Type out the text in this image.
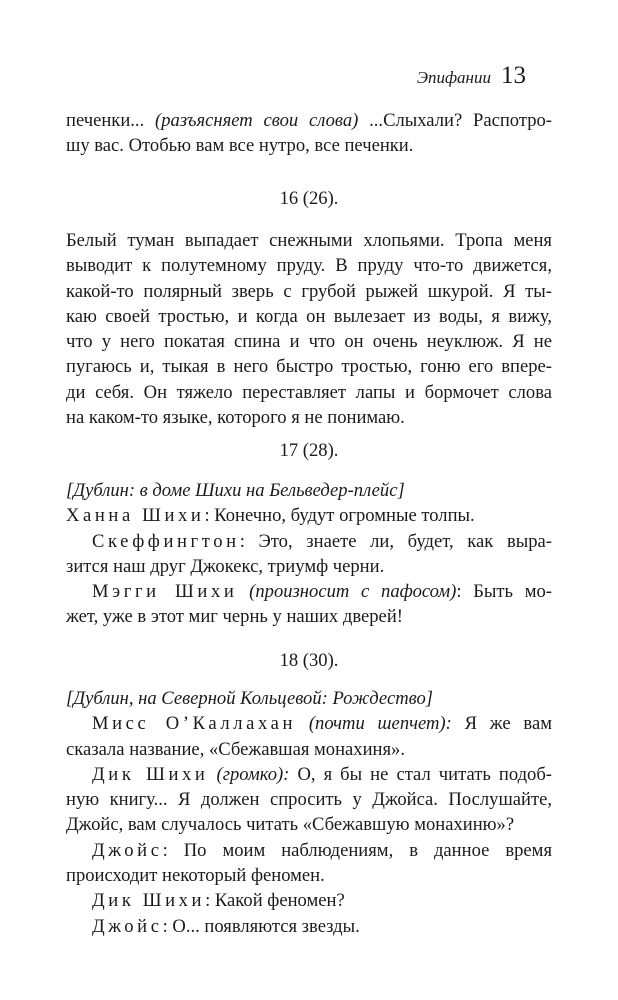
Эпифании 13
печенки... (разъясняет свои слова) ...Слыхали? Распотро-
шу вас. Отобью вам все нутро, все печенки.
16 (26).
Белый туман выпадает снежными хлопьями. Тропа меня
выводит к полутемному пруду. В пруду что-то движется,
какой-то полярный зверь с грубой рыжей шкурой. Я ты-
каю своей тростью, и когда он вылезает из воды, я вижу,
что у него покатая спина и что он очень неуклюж. Я не
пугаюсь и, тыкая в него быстро тростью, гоню его впере-
ди себя. Он тяжело переставляет лапы и бормочет слова
на каком-то языке, которого я не понимаю.
17 (28).
[Дублин: в доме Шихи на Бельведер-плейс]
Ханна Шихи: Конечно, будут огромные толпы.
Скеффингтон: Это, знаете ли, будет, как выра-
зится наш друг Джокекс, триумф черни.
Мэгги Шихи (произносит с пафосом): Быть мо-
жет, уже в этот миг чернь у наших дверей!
18 (30).
[Дублин, на Северной Кольцевой: Рождество]
Мисс О’Каллахан (почти шепчет): Я же вам
сказала название, «Сбежавшая монахиня».
Дик Шихи (громко): О, я бы не стал читать подоб-
ную книгу... Я должен спросить у Джойса. Послушайте,
Джойс, вам случалось читать «Сбежавшую монахиню»?
Джойс: По моим наблюдениям, в данное время
происходит некоторый феномен.
Дик Шихи: Какой феномен?
Джойс: О... появляются звезды.
